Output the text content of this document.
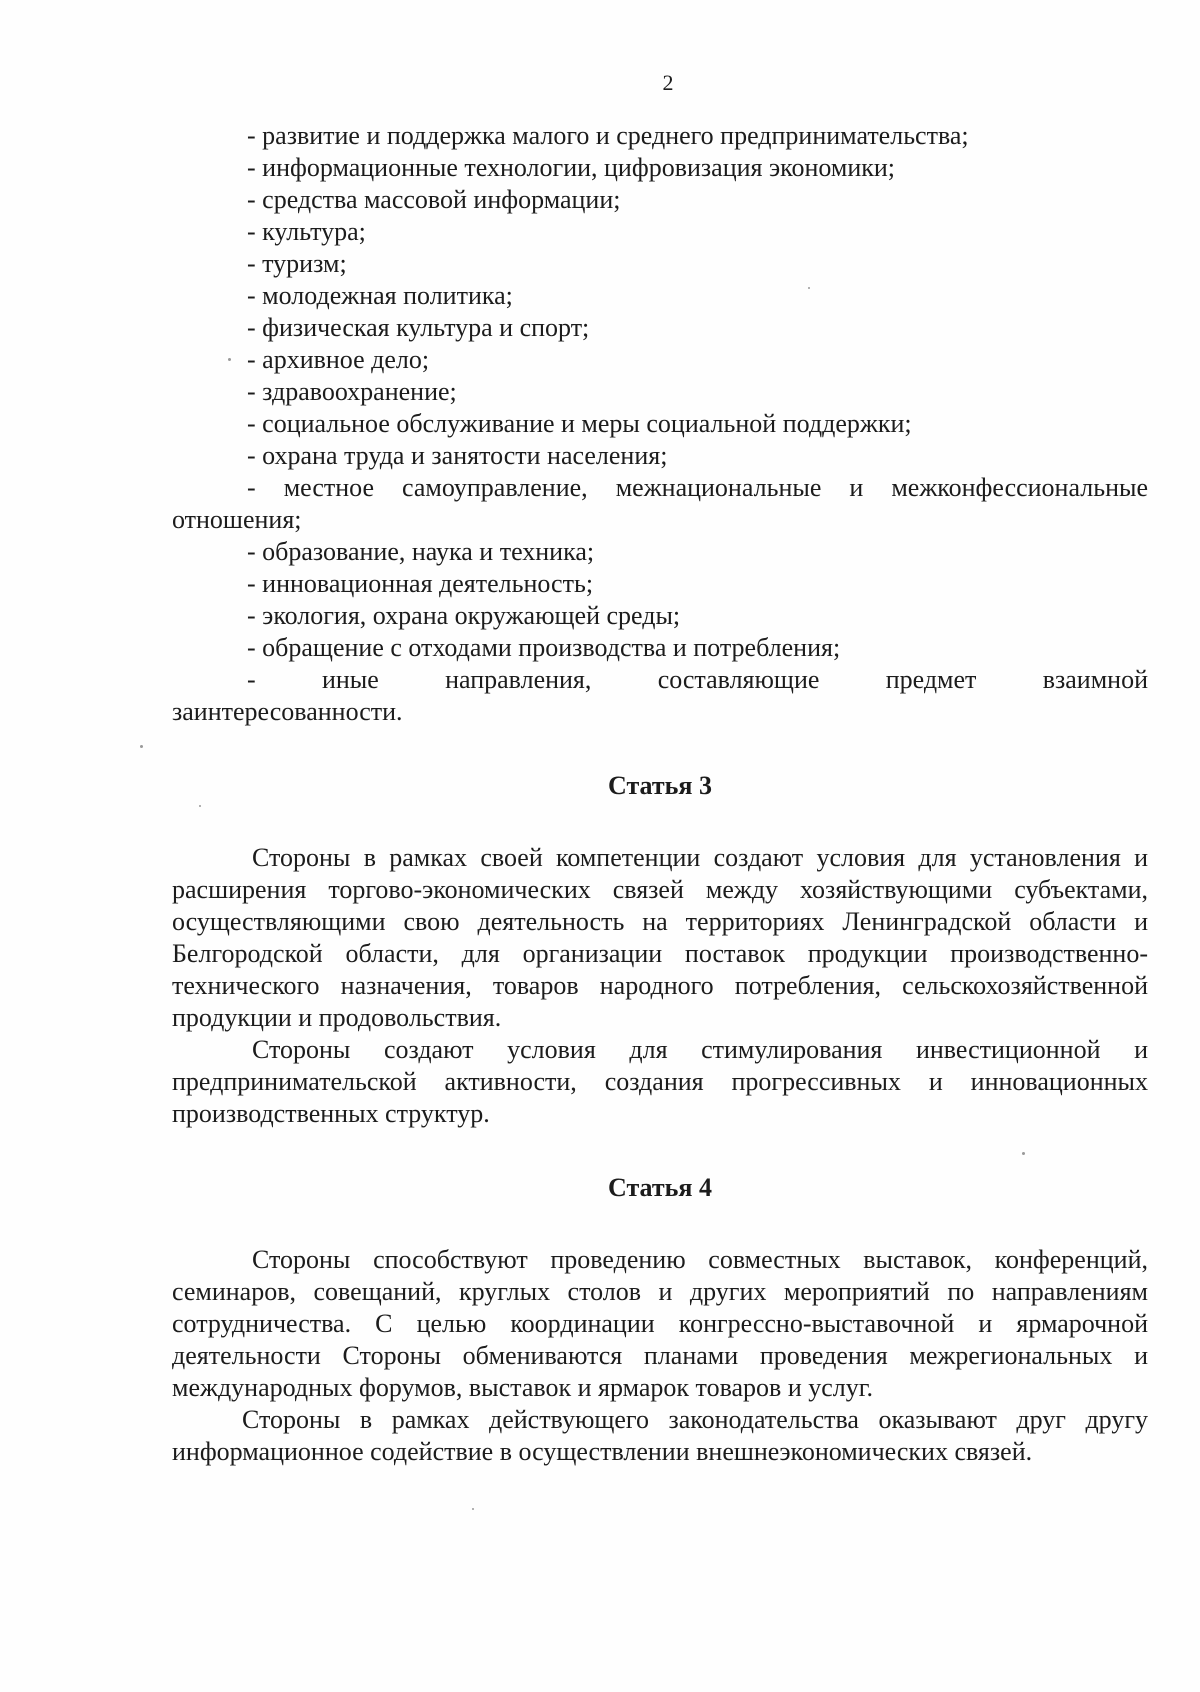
2
- развитие и поддержка малого и среднего предпринимательства;
- информационные технологии, цифровизация экономики;
- средства массовой информации;
- культура;
- туризм;
- молодежная политика;
- физическая культура и спорт;
- архивное дело;
- здравоохранение;
- социальное обслуживание и меры социальной поддержки;
- охрана труда и занятости населения;
- местное самоуправление, межнациональные и межконфессиональные отношения;
- образование, наука и техника;
- инновационная деятельность;
- экология, охрана окружающей среды;
- обращение с отходами производства и потребления;
- иные направления, составляющие предмет взаимной заинтересованности.
Статья 3

Стороны в рамках своей компетенции создают условия для установления и расширения торгово-экономических связей между хозяйствующими субъектами, осуществляющими свою деятельность на территориях Ленинградской области и Белгородской области, для организации поставок продукции производственно-технического назначения, товаров народного потребления, сельскохозяйственной продукции и продовольствия.

Стороны создают условия для стимулирования инвестиционной и предпринимательской активности, создания прогрессивных и инновационных производственных структур.

Статья 4

Стороны способствуют проведению совместных выставок, конференций, семинаров, совещаний, круглых столов и других мероприятий по направлениям сотрудничества. С целью координации конгрессно-выставочной и ярмарочной деятельности Стороны обмениваются планами проведения межрегиональных и международных форумов, выставок и ярмарок товаров и услуг.

Стороны в рамках действующего законодательства оказывают друг другу информационное содействие в осуществлении внешнеэкономических связей.
